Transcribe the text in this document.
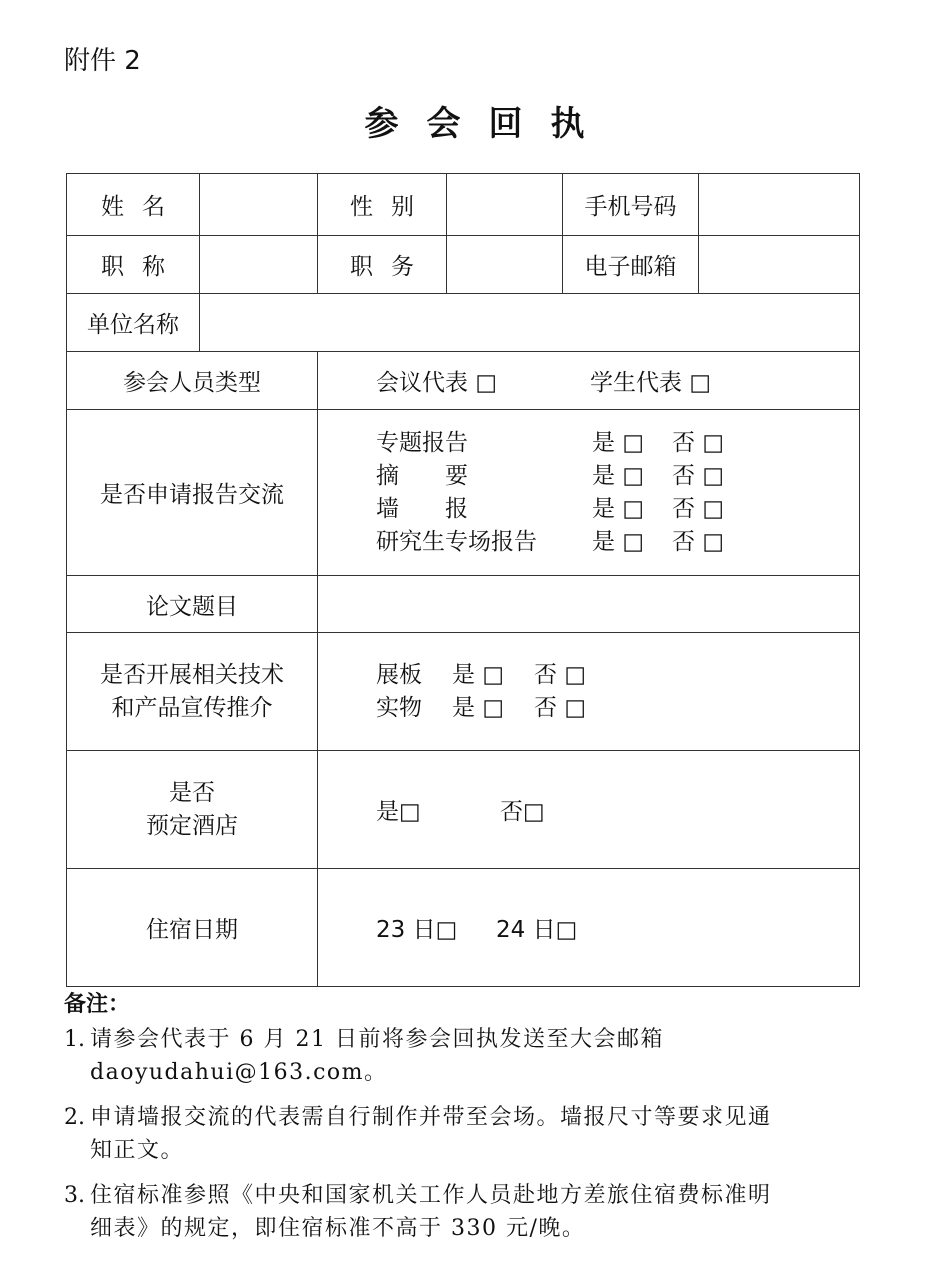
附件 2
参会回执
姓名		性别		手机号码	
职称		职务		电子邮箱	
单位名称					
参会人员类型		会议代表 □ 学生代表 □			
是否申请报告交流		专题报告 是 □ 否 □
摘　　要 是 □ 否 □
墙　　报 是 □ 否 □
研究生专场报告 是 □ 否 □			

论文题目					

是否开展相关技术
和产品宣传推介		展板 是 □ 否 □
实物 是 □ 否 □			

是否
预定酒店		是□ 否□			
住宿日期		23 日□ 24 日□			
备注：
1. 请参会代表于 6 月 21 日前将参会回执发送至大会邮箱
daoyudahui@163.com。
2. 申请墙报交流的代表需自行制作并带至会场。墙报尺寸等要求见通
知正文。
3. 住宿标准参照《中央和国家机关工作人员赴地方差旅住宿费标准明
细表》的规定，即住宿标准不高于 330 元/晚。
